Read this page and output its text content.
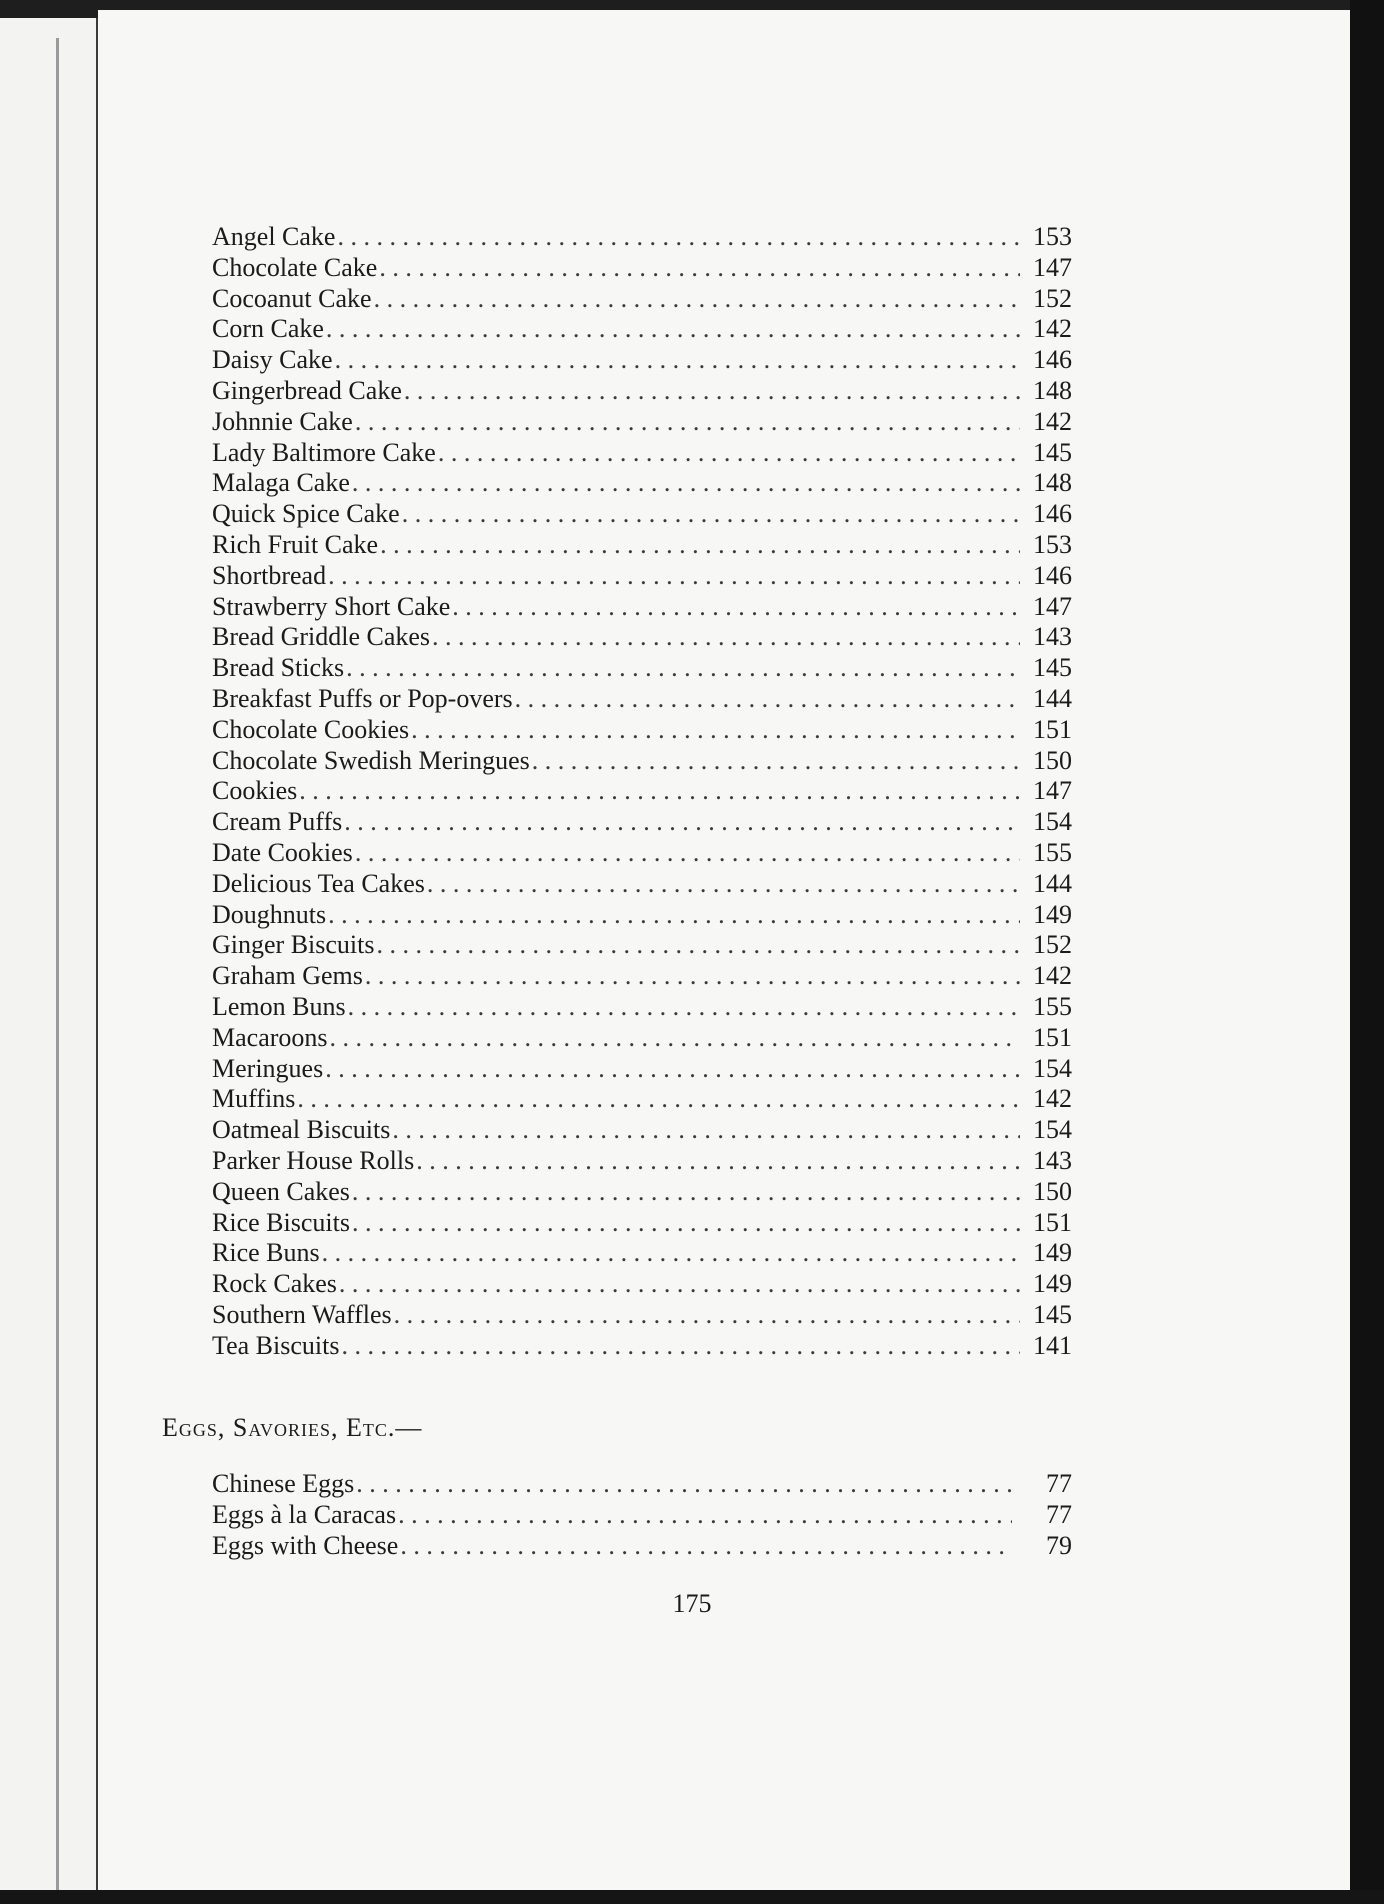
Angel Cake . . .	153
Chocolate Cake . . .	147
Cocoanut Cake . . .	152
Corn Cake . . .	142
Daisy Cake . . .	146
Gingerbread Cake . . .	148
Johnnie Cake . . .	142
Lady Baltimore Cake . . .	145
Malaga Cake . . .	148
Quick Spice Cake . . .	146
Rich Fruit Cake . . .	153
Shortbread . . .	146
Strawberry Short Cake . . .	147
Bread Griddle Cakes . . .	143
Bread Sticks . . .	145
Breakfast Puffs or Pop-overs . . .	144
Chocolate Cookies . . .	151
Chocolate Swedish Meringues . . .	150
Cookies . . .	147
Cream Puffs . . .	154
Date Cookies . . .	155
Delicious Tea Cakes . . .	144
Doughnuts . . .	149
Ginger Biscuits . . .	152
Graham Gems . . .	142
Lemon Buns . . .	155
Macaroons . . .	151
Meringues . . .	154
Muffins . . .	142
Oatmeal Biscuits . . .	154
Parker House Rolls . . .	143
Queen Cakes . . .	150
Rice Biscuits . . .	151
Rice Buns . . .	149
Rock Cakes . . .	149
Southern Waffles . . .	145
Tea Biscuits . . .	141
Eggs, Savories, Etc.—
Chinese Eggs . . .	77
Eggs à la Caracas . . .	77
Eggs with Cheese . . .	79
175
